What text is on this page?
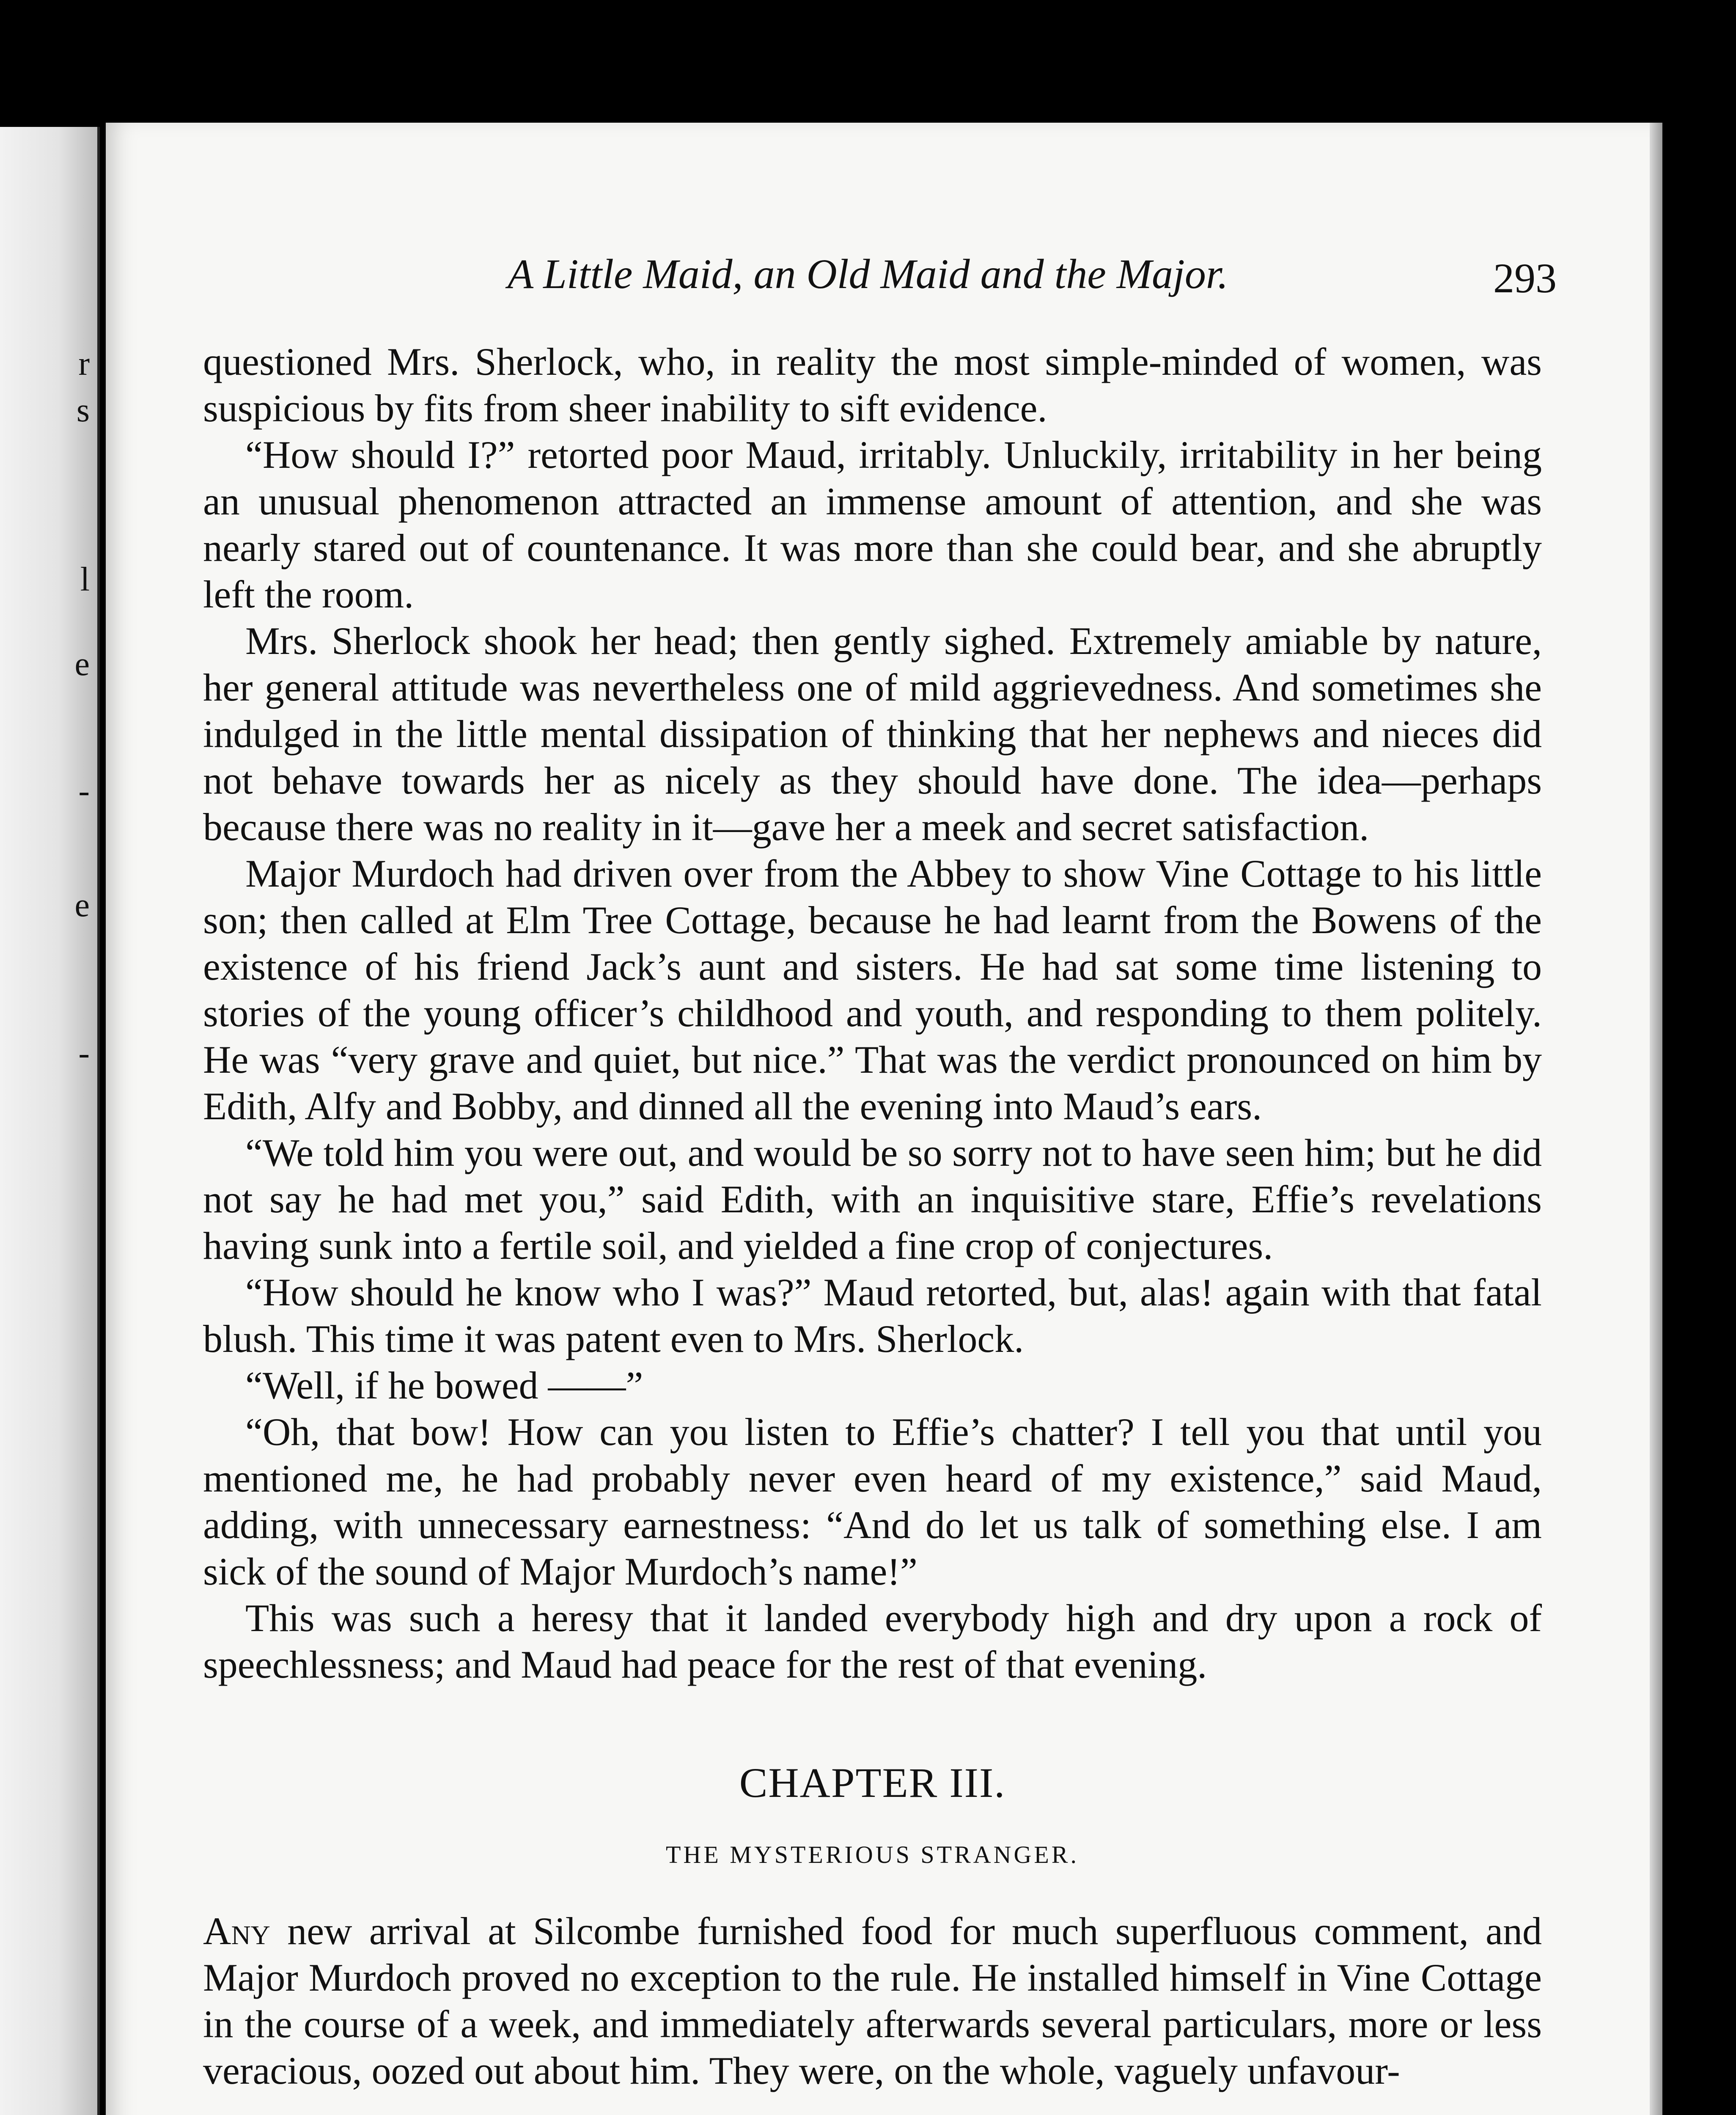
r
s
l
e
-
e
-
A Little Maid, an Old Maid and the Major.	293

questioned Mrs. Sherlock, who, in reality the most simple-minded of women, was suspicious by fits from sheer inability to sift evidence.

“How should I?” retorted poor Maud, irritably. Unluckily, irritability in her being an unusual phenomenon attracted an immense amount of attention, and she was nearly stared out of countenance. It was more than she could bear, and she abruptly left the room.

Mrs. Sherlock shook her head; then gently sighed. Extremely amiable by nature, her general attitude was nevertheless one of mild aggrievedness. And sometimes she indulged in the little mental dissipation of thinking that her nephews and nieces did not behave towards her as nicely as they should have done. The idea—perhaps because there was no reality in it—gave her a meek and secret satisfaction.

Major Murdoch had driven over from the Abbey to show Vine Cottage to his little son; then called at Elm Tree Cottage, because he had learnt from the Bowens of the existence of his friend Jack’s aunt and sisters. He had sat some time listening to stories of the young officer’s childhood and youth, and responding to them politely. He was “very grave and quiet, but nice.” That was the verdict pronounced on him by Edith, Alfy and Bobby, and dinned all the evening into Maud’s ears.

“We told him you were out, and would be so sorry not to have seen him; but he did not say he had met you,” said Edith, with an inquisitive stare, Effie’s revelations having sunk into a fertile soil, and yielded a fine crop of conjectures.

“How should he know who I was?” Maud retorted, but, alas! again with that fatal blush. This time it was patent even to Mrs. Sherlock.

“Well, if he bowed ——”

“Oh, that bow! How can you listen to Effie’s chatter? I tell you that until you mentioned me, he had probably never even heard of my existence,” said Maud, adding, with unnecessary earnestness: “And do let us talk of something else. I am sick of the sound of Major Murdoch’s name!”

This was such a heresy that it landed everybody high and dry upon a rock of speechlessness; and Maud had peace for the rest of that evening.

CHAPTER III.
THE MYSTERIOUS STRANGER.

Any new arrival at Silcombe furnished food for much superfluous comment, and Major Murdoch proved no exception to the rule. He installed himself in Vine Cottage in the course of a week, and immediately afterwards several particulars, more or less veracious, oozed out about him. They were, on the whole, vaguely unfavour-
